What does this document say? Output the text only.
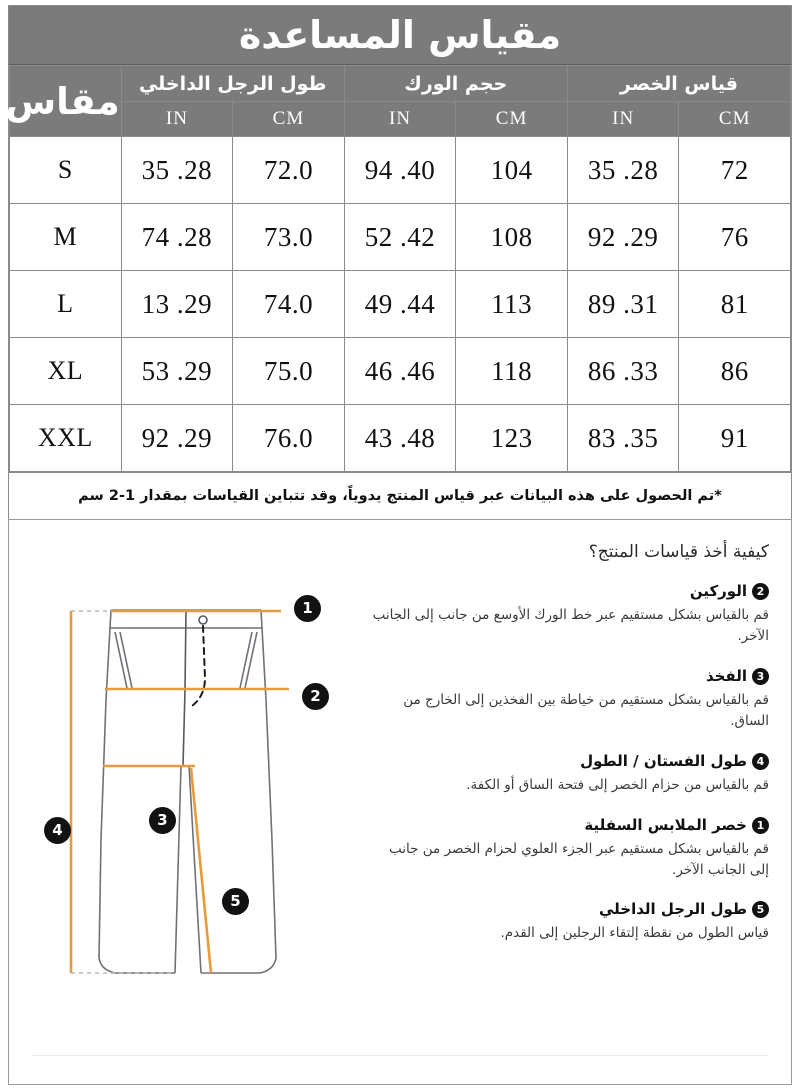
مقياس المساعدة
قياس الخصر		حجم الورك		طول الرجل الداخلي		مقاس
CM	IN	CM	IN	CM	IN	
72	28. 35	104	40. 94	72.0	28. 35	S
76	29. 92	108	42. 52	73.0	28. 74	M
81	31. 89	113	44. 49	74.0	29. 13	L
86	33. 86	118	46. 46	75.0	29. 53	XL
91	35. 83	123	48. 43	76.0	29. 92	XXL
*تم الحصول على هذه البيانات عبر قياس المنتج يدوياً، وقد تتباين القياسات بمقدار 1-2 سم
كيفية أخذ قياسات المنتج؟
2الوركين
قم بالقياس بشكل مستقيم عبر خط الورك الأوسع من جانب إلى الجانب الآخر.
3الفخذ
قم بالقياس بشكل مستقيم من خياطة بين الفخذين إلى الخارج من الساق.
4طول الفستان / الطول
قم بالقياس من حزام الخصر إلى فتحة الساق أو الكفة.
1خصر الملابس السفلية
قم بالقياس بشكل مستقيم عبر الجزء العلوي لحزام الخصر من جانب إلى الجانب الآخر.
5طول الرجل الداخلي
قياس الطول من نقطة إلتقاء الرجلين إلى القدم.
1
2
3
4
5
